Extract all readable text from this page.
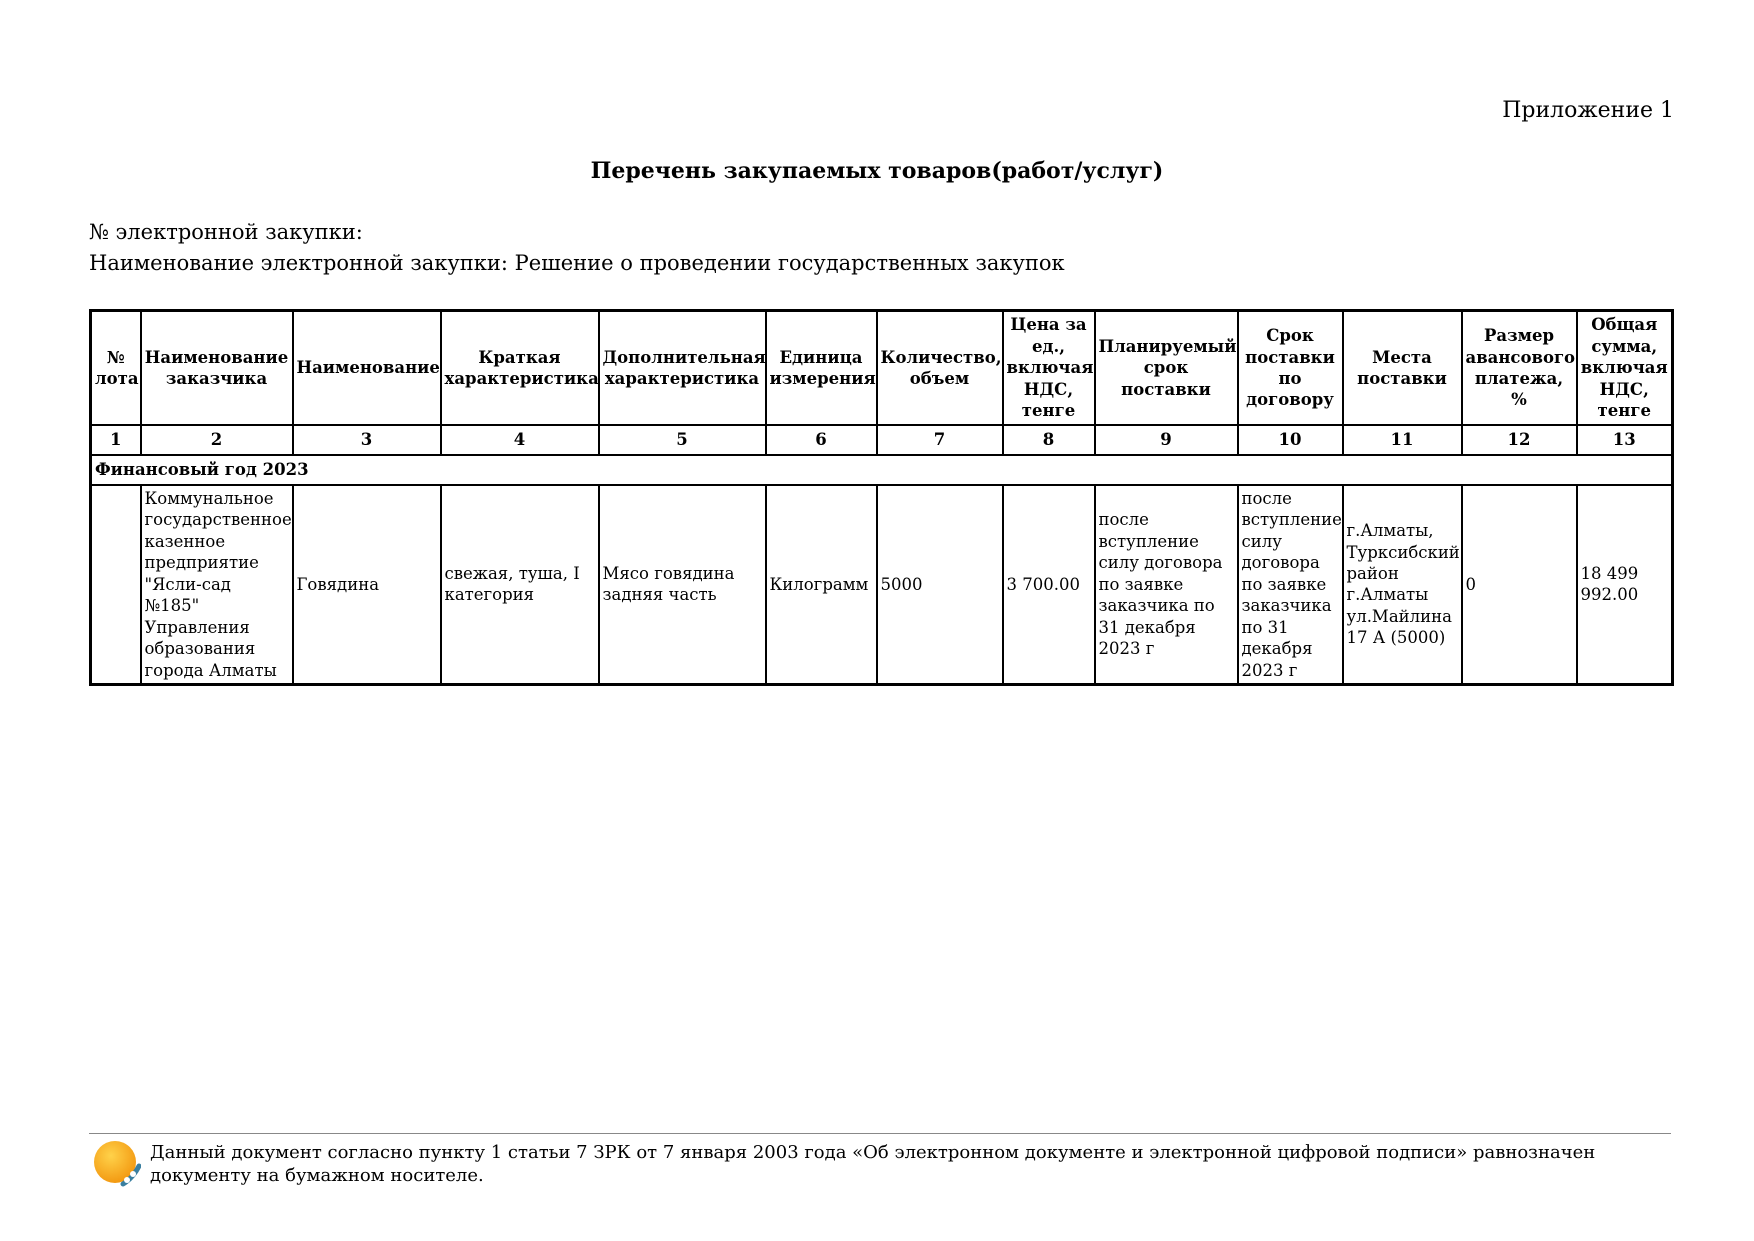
Приложение 1
Перечень закупаемых товаров(работ/услуг)
№ электронной закупки:
Наименование электронной закупки: Решение о проведении государственных закупок
№ лота	Наименование заказчика	Наименование	Краткая характеристика	Дополнительная характеристика	Единица измерения	Количество, объем	Цена за ед., включая НДС, тенге	Планируемый срок поставки	Срок поставки по договору	Места поставки	Размер авансового платежа, %	Общая сумма, включая НДС, тенге
1	2	3	4	5	6	7	8	9	10	11	12	13
Финансовый год 2023												
	Коммунальное государственное казенное предприятие "Ясли-сад №185" Управления образования города Алматы	Говядина	свежая, туша, I категория	Мясо говядина задняя часть	Килограмм	5000	3 700.00	после вступление силу договора по заявке заказчика по 31 декабря 2023 г	после вступление силу договора по заявке заказчика по 31 декабря 2023 г	г.Алматы, Турксибский район г.Алматы ул.Майлина 17 А (5000)	0	18 499 992.00
Данный документ согласно пункту 1 статьи 7 ЗРК от 7 января 2003 года «Об электронном документе и электронной цифровой подписи» равнозначен документу на бумажном носителе.
